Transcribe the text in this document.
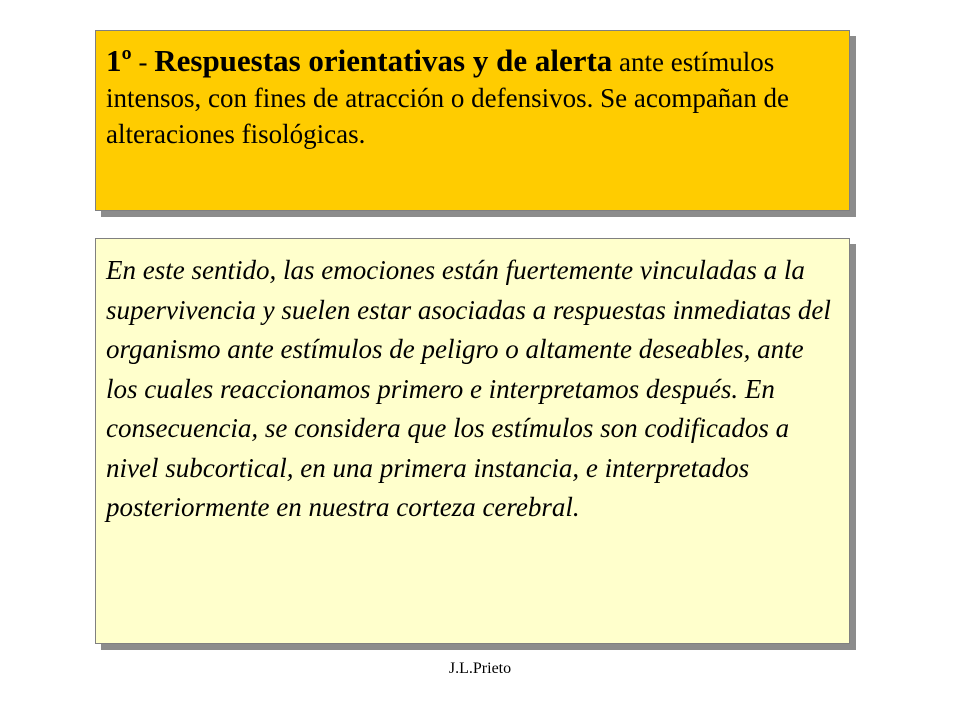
1º - Respuestas orientativas y de alerta ante estímulos intensos, con fines de atracción o defensivos. Se acompañan de alteraciones fisológicas.

En este sentido, las emociones están fuertemente vinculadas a la supervivencia y suelen estar asociadas a respuestas inmediatas del organismo ante estímulos de peligro o altamente deseables, ante los cuales reaccionamos primero e interpretamos después. En consecuencia, se considera que los estímulos son codificados a nivel subcortical, en una primera instancia, e interpretados posteriormente en nuestra corteza cerebral.

J.L.Prieto
